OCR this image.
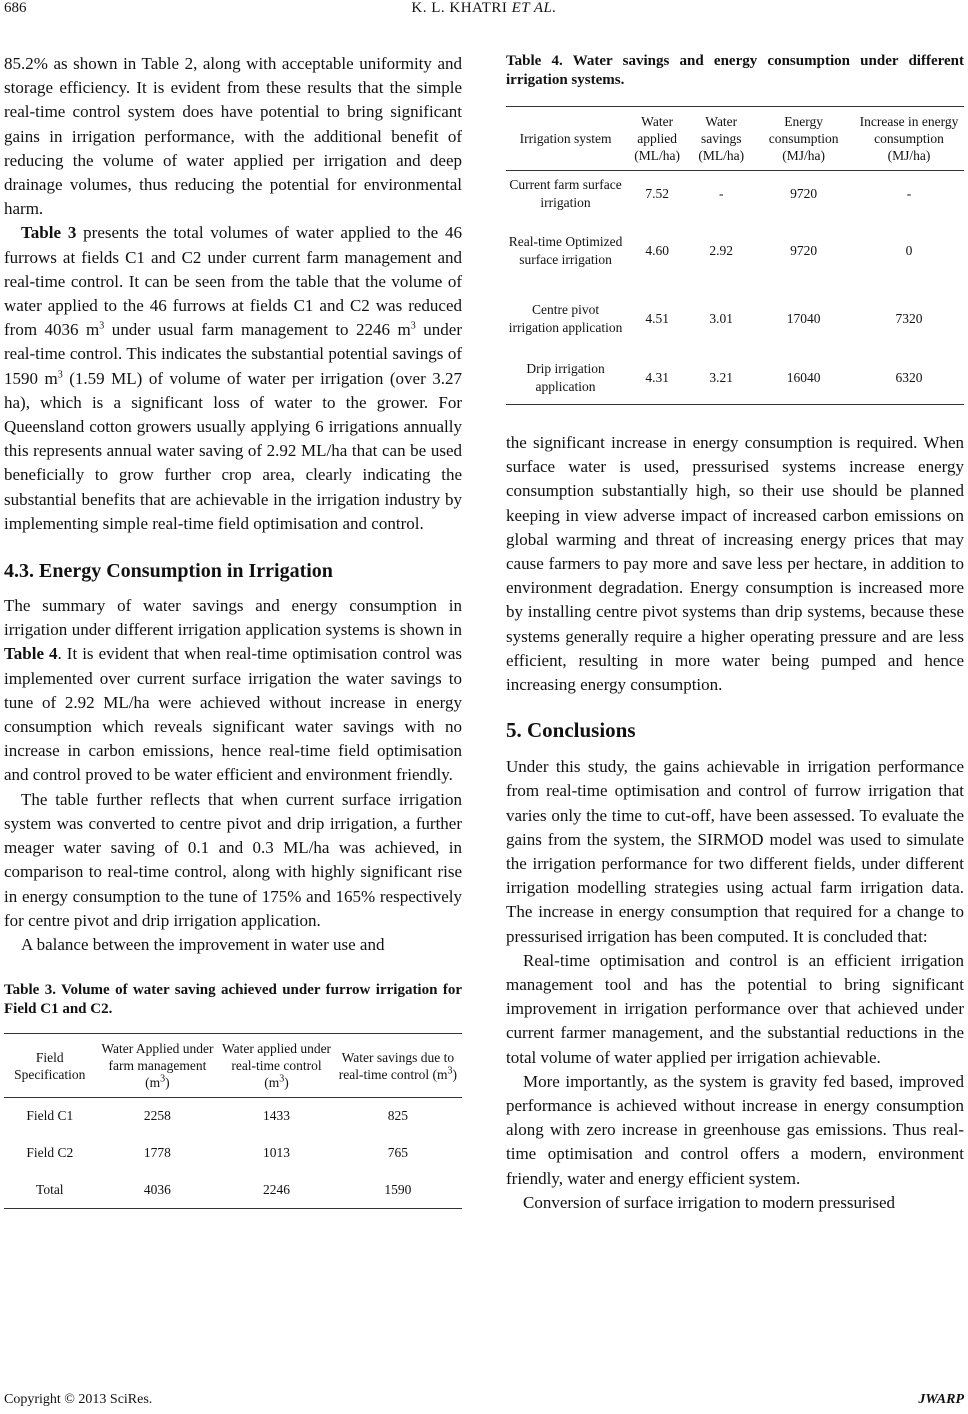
686	K. L. KHATRI ET AL.

85.2% as shown in Table 2, along with acceptable uniformity and storage efficiency. It is evident from these results that the simple real-time control system does have potential to bring significant gains in irrigation performance, with the additional benefit of reducing the volume of water applied per irrigation and deep drainage volumes, thus reducing the potential for environmental harm.

Table 3 presents the total volumes of water applied to the 46 furrows at fields C1 and C2 under current farm management and real-time control. It can be seen from the table that the volume of water applied to the 46 furrows at fields C1 and C2 was reduced from 4036 $m^3$ under usual farm management to 2246 $m^3$ under real-time control. This indicates the substantial potential savings of 1590 $m^3$ (1.59 ML) of volume of water per irrigation (over 3.27 ha), which is a significant loss of water to the grower. For Queensland cotton growers usually applying 6 irrigations annually this represents annual water saving of 2.92 ML/ha that can be used beneficially to grow further crop area, clearly indicating the substantial benefits that are achievable in the irrigation industry by implementing simple real-time field optimisation and control.

4.3. Energy Consumption in Irrigation

The summary of water savings and energy consumption in irrigation under different irrigation application systems is shown in Table 4. It is evident that when real-time optimisation control was implemented over current surface irrigation the water savings to tune of 2.92 ML/ha were achieved without increase in energy consumption which reveals significant water savings with no increase in carbon emissions, hence real-time field optimisation and control proved to be water efficient and environment friendly.

The table further reflects that when current surface irrigation system was converted to centre pivot and drip irrigation, a further meager water saving of 0.1 and 0.3 ML/ha was achieved, in comparison to real-time control, along with highly significant rise in energy consumption to the tune of 175% and 165% respectively for centre pivot and drip irrigation application.

A balance between the improvement in water use and

Table 3. Volume of water saving achieved under furrow irrigation for Field C1 and C2.

Field Specification	Water Applied under farm management $(m^3)$	Water applied under real-time control $(m^3)$	Water savings due to real-time control $(m^3)$
Field C1	2258	1433	825
Field C2	1778	1013	765
Total	4036	2246	1590

Table 4. Water savings and energy consumption under different irrigation systems.

Irrigation system	Water applied (ML/ha)	Water savings (ML/ha)	Energy consumption (MJ/ha)	Increase in energy consumption (MJ/ha)
Current farm surface irrigation	7.52	-	9720	-
Real-time Optimized surface irrigation	4.60	2.92	9720	0
Centre pivot irrigation application	4.51	3.01	17040	7320
Drip irrigation application	4.31	3.21	16040	6320

the significant increase in energy consumption is required. When surface water is used, pressurised systems increase energy consumption substantially high, so their use should be planned keeping in view adverse impact of increased carbon emissions on global warming and threat of increasing energy prices that may cause farmers to pay more and save less per hectare, in addition to environment degradation. Energy consumption is increased more by installing centre pivot systems than drip systems, because these systems generally require a higher operating pressure and are less efficient, resulting in more water being pumped and hence increasing energy consumption.

5. Conclusions

Under this study, the gains achievable in irrigation performance from real-time optimisation and control of furrow irrigation that varies only the time to cut-off, have been assessed. To evaluate the gains from the system, the SIRMOD model was used to simulate the irrigation performance for two different fields, under different irrigation modelling strategies using actual farm irrigation data. The increase in energy consumption that required for a change to pressurised irrigation has been computed. It is concluded that:

Real-time optimisation and control is an efficient irrigation management tool and has the potential to bring significant improvement in irrigation performance over that achieved under current farmer management, and the substantial reductions in the total volume of water applied per irrigation achievable.

More importantly, as the system is gravity fed based, improved performance is achieved without increase in energy consumption along with zero increase in greenhouse gas emissions. Thus real-time optimisation and control offers a modern, environment friendly, water and energy efficient system.

Conversion of surface irrigation to modern pressurised

Copyright © 2013 SciRes.	JWARP
